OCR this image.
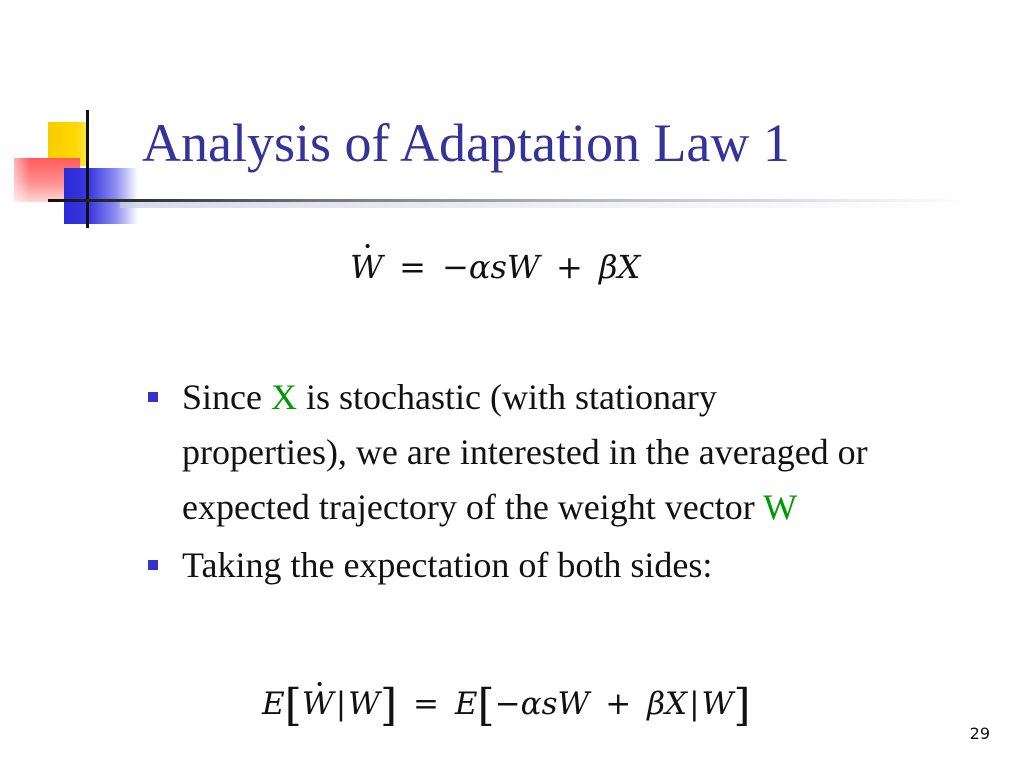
Analysis of Adaptation Law 1
W = −αsW + βX
Since X is stochastic (with stationary properties), we are interested in the averaged or expected trajectory of the weight vector W
Taking the expectation of both sides:
E[W|W] = E[−αsW + βX|W]
29
